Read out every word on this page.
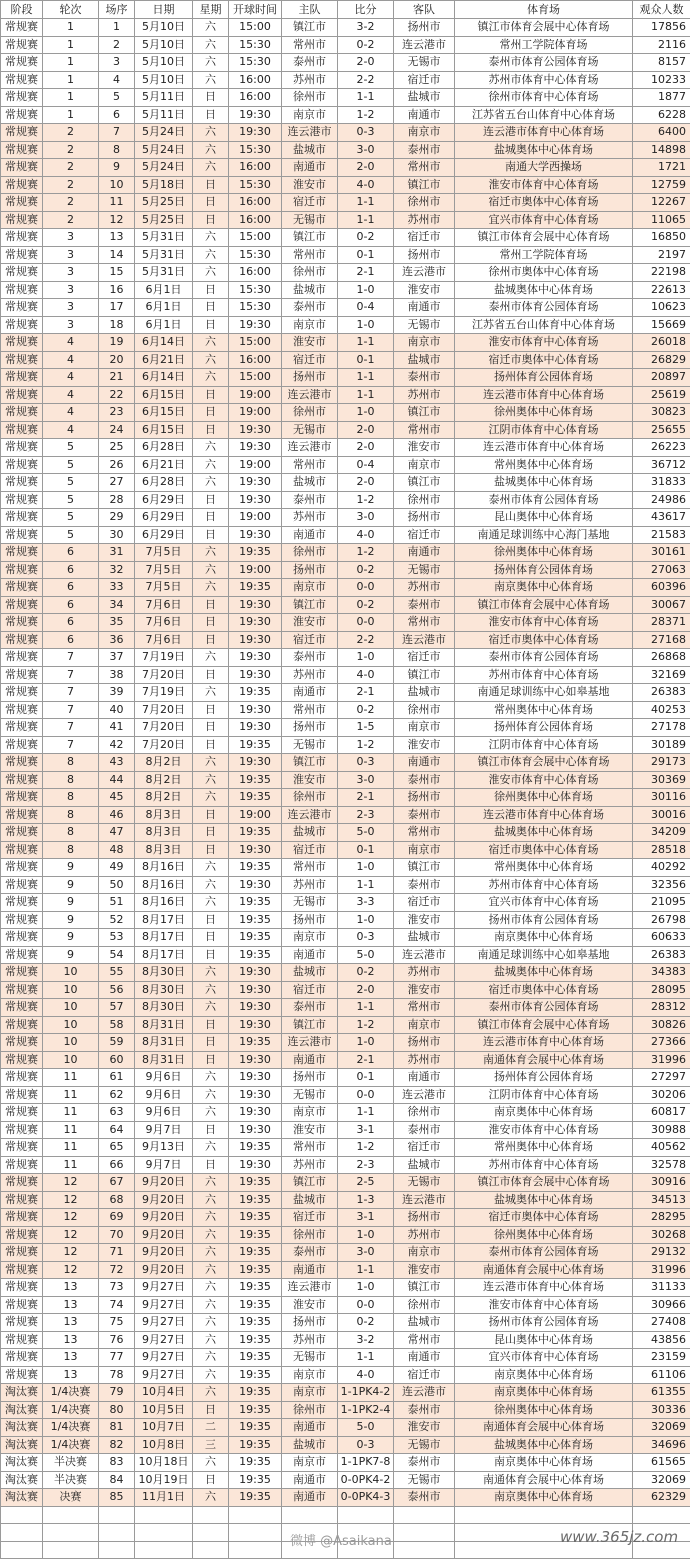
阶段	轮次	场序	日期	星期	开球时间	主队	比分	客队	体育场	观众人数
常规赛	1	1	5月10日	六	15:00	镇江市	3-2	扬州市	镇江市体育会展中心体育场	17856
常规赛	1	2	5月10日	六	15:30	常州市	0-2	连云港市	常州工学院体育场	2116
常规赛	1	3	5月10日	六	15:30	泰州市	2-0	无锡市	泰州市体育公园体育场	8157
常规赛	1	4	5月10日	六	16:00	苏州市	2-2	宿迁市	苏州市体育中心体育场	10233
常规赛	1	5	5月11日	日	16:00	徐州市	1-1	盐城市	徐州市体育中心体育场	1877
常规赛	1	6	5月11日	日	19:30	南京市	1-2	南通市	江苏省五台山体育中心体育场	6228
常规赛	2	7	5月24日	六	19:30	连云港市	0-3	南京市	连云港市体育中心体育场	6400
常规赛	2	8	5月24日	六	15:30	盐城市	3-0	泰州市	盐城奥体中心体育场	14898
常规赛	2	9	5月24日	六	16:00	南通市	2-0	常州市	南通大学西操场	1721
常规赛	2	10	5月18日	日	15:30	淮安市	4-0	镇江市	淮安市体育中心体育场	12759
常规赛	2	11	5月25日	日	16:00	宿迁市	1-1	徐州市	宿迁市奥体中心体育场	12267
常规赛	2	12	5月25日	日	16:00	无锡市	1-1	苏州市	宜兴市体育中心体育场	11065
常规赛	3	13	5月31日	六	15:00	镇江市	0-2	宿迁市	镇江市体育会展中心体育场	16850
常规赛	3	14	5月31日	六	15:30	常州市	0-1	扬州市	常州工学院体育场	2197
常规赛	3	15	5月31日	六	16:00	徐州市	2-1	连云港市	徐州市奥体中心体育场	22198
常规赛	3	16	6月1日	日	15:30	盐城市	1-0	淮安市	盐城奥体中心体育场	22613
常规赛	3	17	6月1日	日	15:30	泰州市	0-4	南通市	泰州市体育公园体育场	10623
常规赛	3	18	6月1日	日	19:30	南京市	1-0	无锡市	江苏省五台山体育中心体育场	15669
常规赛	4	19	6月14日	六	15:00	淮安市	1-1	南京市	淮安市体育中心体育场	26018
常规赛	4	20	6月21日	六	16:00	宿迁市	0-1	盐城市	宿迁市奥体中心体育场	26829
常规赛	4	21	6月14日	六	15:00	扬州市	1-1	泰州市	扬州体育公园体育场	20897
常规赛	4	22	6月15日	日	19:00	连云港市	1-1	苏州市	连云港市体育中心体育场	25619
常规赛	4	23	6月15日	日	19:00	徐州市	1-0	镇江市	徐州奥体中心体育场	30823
常规赛	4	24	6月15日	日	19:30	无锡市	2-0	常州市	江阴市体育中心体育场	25655
常规赛	5	25	6月28日	六	19:30	连云港市	2-0	淮安市	连云港市体育中心体育场	26223
常规赛	5	26	6月21日	六	19:00	常州市	0-4	南京市	常州奥体中心体育场	36712
常规赛	5	27	6月28日	六	19:30	盐城市	2-0	镇江市	盐城奥体中心体育场	31833
常规赛	5	28	6月29日	日	19:30	泰州市	1-2	徐州市	泰州市体育公园体育场	24986
常规赛	5	29	6月29日	日	19:00	苏州市	3-0	扬州市	昆山奥体中心体育场	43617
常规赛	5	30	6月29日	日	19:30	南通市	4-0	宿迁市	南通足球训练中心海门基地	21583
常规赛	6	31	7月5日	六	19:35	徐州市	1-2	南通市	徐州奥体中心体育场	30161
常规赛	6	32	7月5日	六	19:00	扬州市	0-2	无锡市	扬州体育公园体育场	27063
常规赛	6	33	7月5日	六	19:35	南京市	0-0	苏州市	南京奥体中心体育场	60396
常规赛	6	34	7月6日	日	19:30	镇江市	0-2	泰州市	镇江市体育会展中心体育场	30067
常规赛	6	35	7月6日	日	19:30	淮安市	0-0	常州市	淮安市体育中心体育场	28371
常规赛	6	36	7月6日	日	19:30	宿迁市	2-2	连云港市	宿迁市奥体中心体育场	27168
常规赛	7	37	7月19日	六	19:30	泰州市	1-0	宿迁市	泰州市体育公园体育场	26868
常规赛	7	38	7月20日	日	19:30	苏州市	4-0	镇江市	苏州市体育中心体育场	32169
常规赛	7	39	7月19日	六	19:35	南通市	2-1	盐城市	南通足球训练中心如皋基地	26383
常规赛	7	40	7月20日	日	19:30	常州市	0-2	徐州市	常州奥体中心体育场	40253
常规赛	7	41	7月20日	日	19:30	扬州市	1-5	南京市	扬州体育公园体育场	27178
常规赛	7	42	7月20日	日	19:35	无锡市	1-2	淮安市	江阴市体育中心体育场	30189
常规赛	8	43	8月2日	六	19:30	镇江市	0-3	南通市	镇江市体育会展中心体育场	29173
常规赛	8	44	8月2日	六	19:35	淮安市	3-0	泰州市	淮安市体育中心体育场	30369
常规赛	8	45	8月2日	六	19:35	徐州市	2-1	扬州市	徐州奥体中心体育场	30116
常规赛	8	46	8月3日	日	19:00	连云港市	2-3	泰州市	连云港市体育中心体育场	30016
常规赛	8	47	8月3日	日	19:35	盐城市	5-0	常州市	盐城奥体中心体育场	34209
常规赛	8	48	8月3日	日	19:30	宿迁市	0-1	南京市	宿迁市奥体中心体育场	28518
常规赛	9	49	8月16日	六	19:35	常州市	1-0	镇江市	常州奥体中心体育场	40292
常规赛	9	50	8月16日	六	19:30	苏州市	1-1	泰州市	苏州市体育中心体育场	32356
常规赛	9	51	8月16日	六	19:35	无锡市	3-3	宿迁市	宜兴市体育中心体育场	21095
常规赛	9	52	8月17日	日	19:35	扬州市	1-0	淮安市	扬州市体育公园体育场	26798
常规赛	9	53	8月17日	日	19:35	南京市	0-3	盐城市	南京奥体中心体育场	60633
常规赛	9	54	8月17日	日	19:35	南通市	5-0	连云港市	南通足球训练中心如皋基地	26383
常规赛	10	55	8月30日	六	19:30	盐城市	0-2	苏州市	盐城奥体中心体育场	34383
常规赛	10	56	8月30日	六	19:30	宿迁市	2-0	淮安市	宿迁市奥体中心体育场	28095
常规赛	10	57	8月30日	六	19:30	泰州市	1-1	常州市	泰州市体育公园体育场	28312
常规赛	10	58	8月31日	日	19:30	镇江市	1-2	南京市	镇江市体育会展中心体育场	30826
常规赛	10	59	8月31日	日	19:35	连云港市	1-0	扬州市	连云港市体育中心体育场	27366
常规赛	10	60	8月31日	日	19:30	南通市	2-1	苏州市	南通体育会展中心体育场	31996
常规赛	11	61	9月6日	六	19:30	扬州市	0-1	南通市	扬州体育公园体育场	27297
常规赛	11	62	9月6日	六	19:30	无锡市	0-0	连云港市	江阴市体育中心体育场	30206
常规赛	11	63	9月6日	六	19:30	南京市	1-1	徐州市	南京奥体中心体育场	60817
常规赛	11	64	9月7日	日	19:30	淮安市	3-1	泰州市	淮安市体育中心体育场	30988
常规赛	11	65	9月13日	六	19:35	常州市	1-2	宿迁市	常州奥体中心体育场	40562
常规赛	11	66	9月7日	日	19:30	苏州市	2-3	盐城市	苏州市体育中心体育场	32578
常规赛	12	67	9月20日	六	19:35	镇江市	2-5	无锡市	镇江市体育会展中心体育场	30916
常规赛	12	68	9月20日	六	19:35	盐城市	1-3	连云港市	盐城奥体中心体育场	34513
常规赛	12	69	9月20日	六	19:35	宿迁市	3-1	扬州市	宿迁市奥体中心体育场	28295
常规赛	12	70	9月20日	六	19:35	徐州市	1-0	苏州市	徐州奥体中心体育场	30268
常规赛	12	71	9月20日	六	19:35	泰州市	3-0	南京市	泰州市体育公园体育场	29132
常规赛	12	72	9月20日	六	19:35	南通市	1-1	淮安市	南通体育会展中心体育场	31996
常规赛	13	73	9月27日	六	19:35	连云港市	1-0	镇江市	连云港市体育中心体育场	31133
常规赛	13	74	9月27日	六	19:35	淮安市	0-0	徐州市	淮安市体育中心体育场	30966
常规赛	13	75	9月27日	六	19:35	扬州市	0-2	盐城市	扬州市体育公园体育场	27408
常规赛	13	76	9月27日	六	19:35	苏州市	3-2	常州市	昆山奥体中心体育场	43856
常规赛	13	77	9月27日	六	19:35	无锡市	1-1	南通市	宜兴市体育中心体育场	23159
常规赛	13	78	9月27日	六	19:35	南京市	4-0	宿迁市	南京奥体中心体育场	61106
淘汰赛	1/4决赛	79	10月4日	六	19:35	南京市	1-1PK4-2	连云港市	南京奥体中心体育场	61355
淘汰赛	1/4决赛	80	10月5日	日	19:35	徐州市	1-1PK2-4	泰州市	徐州奥体中心体育场	30336
淘汰赛	1/4决赛	81	10月7日	二	19:35	南通市	5-0	淮安市	南通体育会展中心体育场	32069
淘汰赛	1/4决赛	82	10月8日	三	19:35	盐城市	0-3	无锡市	盐城奥体中心体育场	34696
淘汰赛	半决赛	83	10月18日	六	19:35	南京市	1-1PK7-8	泰州市	南京奥体中心体育场	61565
淘汰赛	半决赛	84	10月19日	日	19:35	南通市	0-0PK4-2	无锡市	南通体育会展中心体育场	32069
淘汰赛	决赛	85	11月1日	六	19:35	南通市	0-0PK4-3	泰州市	南京奥体中心体育场	62329

微博 @Asaikana	www.365jz.com
